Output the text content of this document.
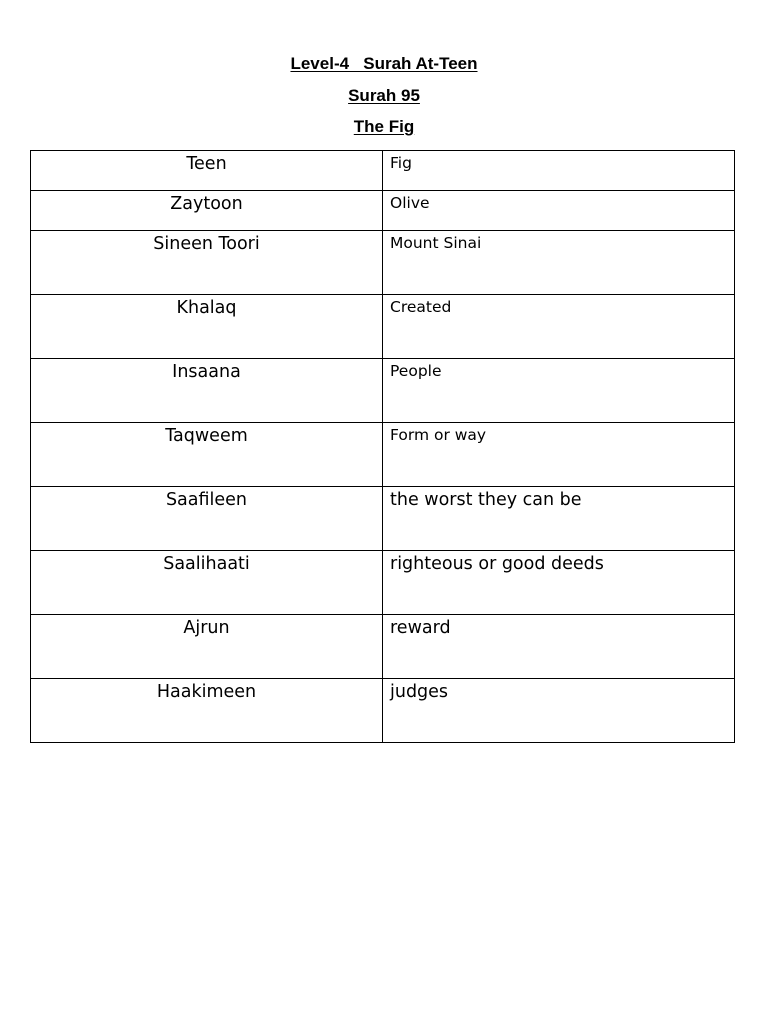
Level-4   Surah At-Teen
Surah 95
The Fig
Teen	Fig

Zaytoon	Olive

Sineen Toori	Mount Sinai

Khalaq	Created

Insaana	People

Taqweem	Form or way

Saafileen	the worst they can be

Saalihaati	righteous or good deeds

Ajrun	reward

Haakimeen	judges
